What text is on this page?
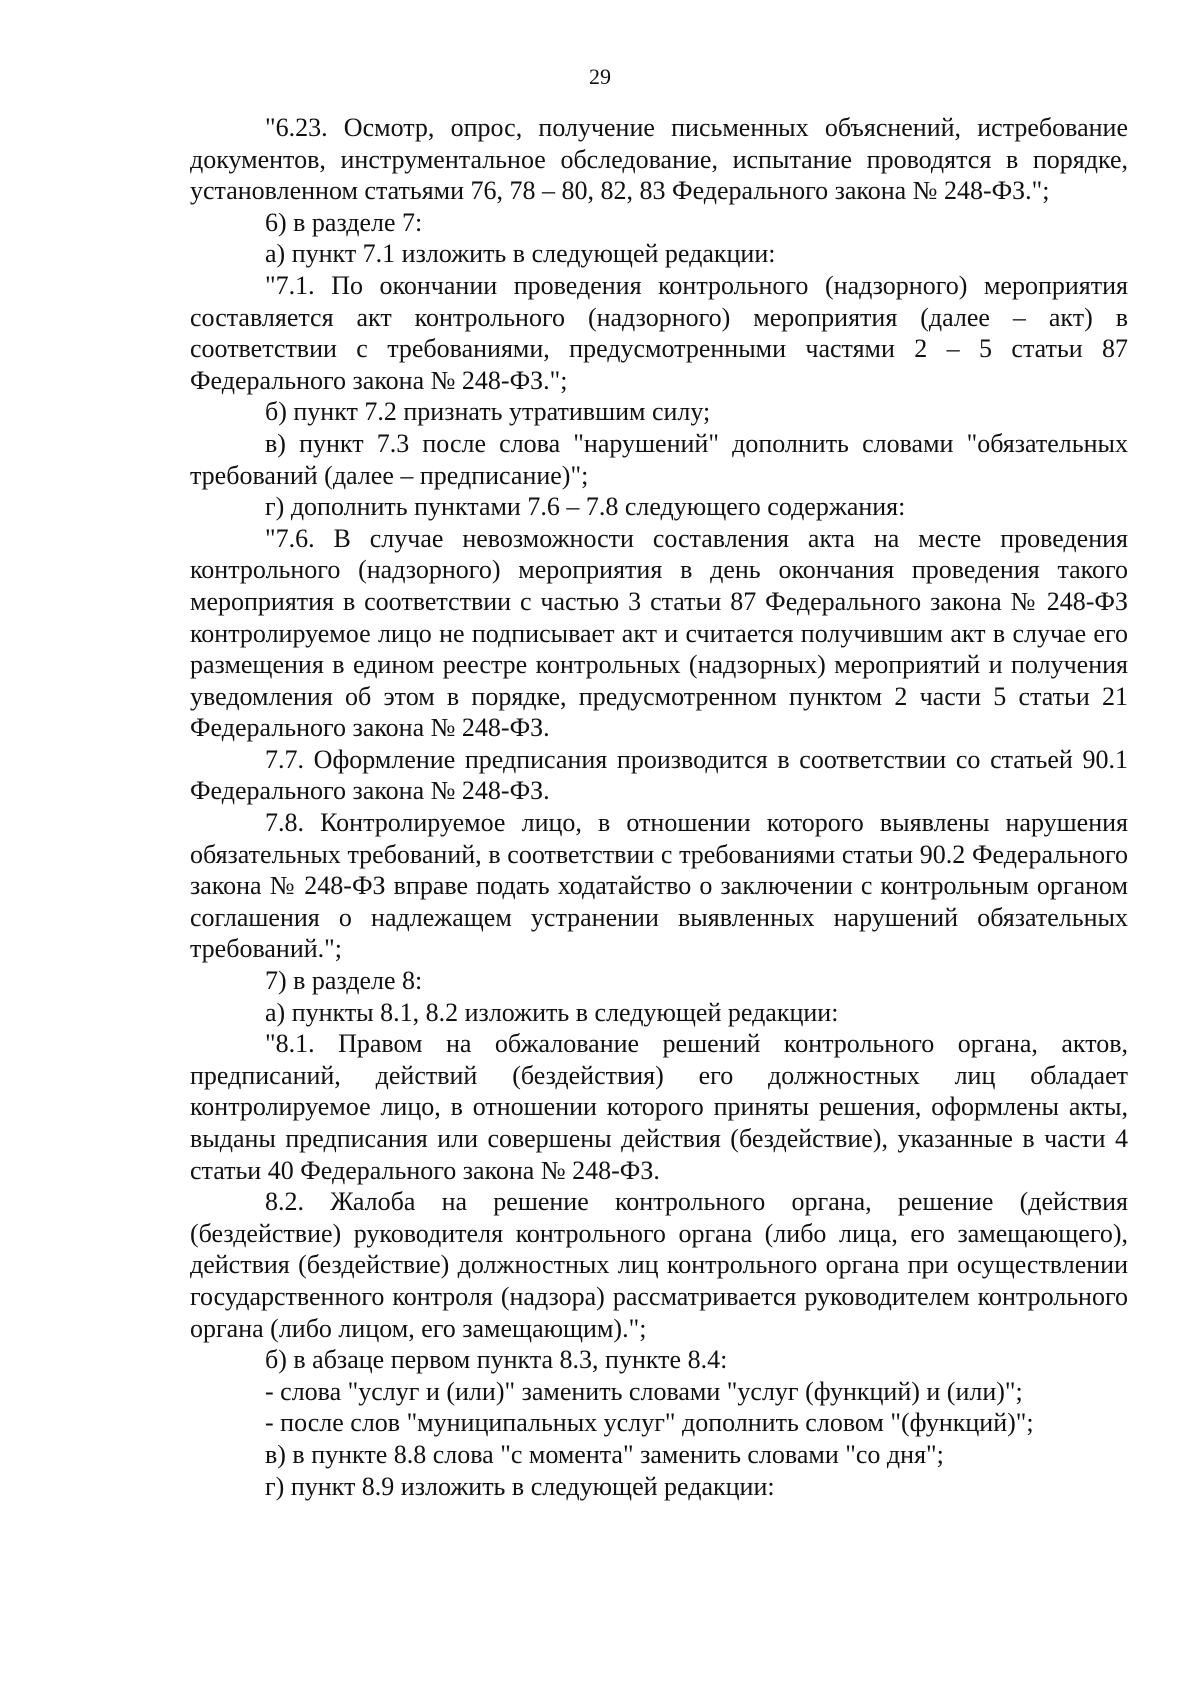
29

"6.23. Осмотр, опрос, получение письменных объяснений, истребование документов, инструментальное обследование, испытание проводятся в порядке, установленном статьями 76, 78 – 80, 82, 83 Федерального закона № 248-ФЗ.";

6) в разделе 7:

а) пункт 7.1 изложить в следующей редакции:

"7.1. По окончании проведения контрольного (надзорного) мероприятия составляется акт контрольного (надзорного) мероприятия (далее – акт) в соответствии с требованиями, предусмотренными частями 2 – 5 статьи 87 Федерального закона № 248-ФЗ.";

б) пункт 7.2 признать утратившим силу;

в) пункт 7.3 после слова "нарушений" дополнить словами "обязательных требований (далее – предписание)";

г) дополнить пунктами 7.6 – 7.8 следующего содержания:

"7.6. В случае невозможности составления акта на месте проведения контрольного (надзорного) мероприятия в день окончания проведения такого мероприятия в соответствии с частью 3 статьи 87 Федерального закона № 248-ФЗ контролируемое лицо не подписывает акт и считается получившим акт в случае его размещения в едином реестре контрольных (надзорных) мероприятий и получения уведомления об этом в порядке, предусмотренном пунктом 2 части 5 статьи 21 Федерального закона № 248-ФЗ.

7.7. Оформление предписания производится в соответствии со статьей 90.1 Федерального закона № 248-ФЗ.

7.8. Контролируемое лицо, в отношении которого выявлены нарушения обязательных требований, в соответствии с требованиями статьи 90.2 Федерального закона № 248-ФЗ вправе подать ходатайство о заключении с контрольным органом соглашения о надлежащем устранении выявленных нарушений обязательных требований.";

7) в разделе 8:

а) пункты 8.1, 8.2 изложить в следующей редакции:

"8.1. Правом на обжалование решений контрольного органа, актов, предписаний, действий (бездействия) его должностных лиц обладает контролируемое лицо, в отношении которого приняты решения, оформлены акты, выданы предписания или совершены действия (бездействие), указанные в части 4 статьи 40 Федерального закона № 248-ФЗ.

8.2. Жалоба на решение контрольного органа, решение (действия (бездействие) руководителя контрольного органа (либо лица, его замещающего), действия (бездействие) должностных лиц контрольного органа при осуществлении государственного контроля (надзора) рассматривается руководителем контрольного органа (либо лицом, его замещающим).";

б) в абзаце первом пункта 8.3, пункте 8.4:

- слова "услуг и (или)" заменить словами "услуг (функций) и (или)";

- после слов "муниципальных услуг" дополнить словом "(функций)";

в) в пункте 8.8 слова "с момента" заменить словами "со дня";

г) пункт 8.9 изложить в следующей редакции:
